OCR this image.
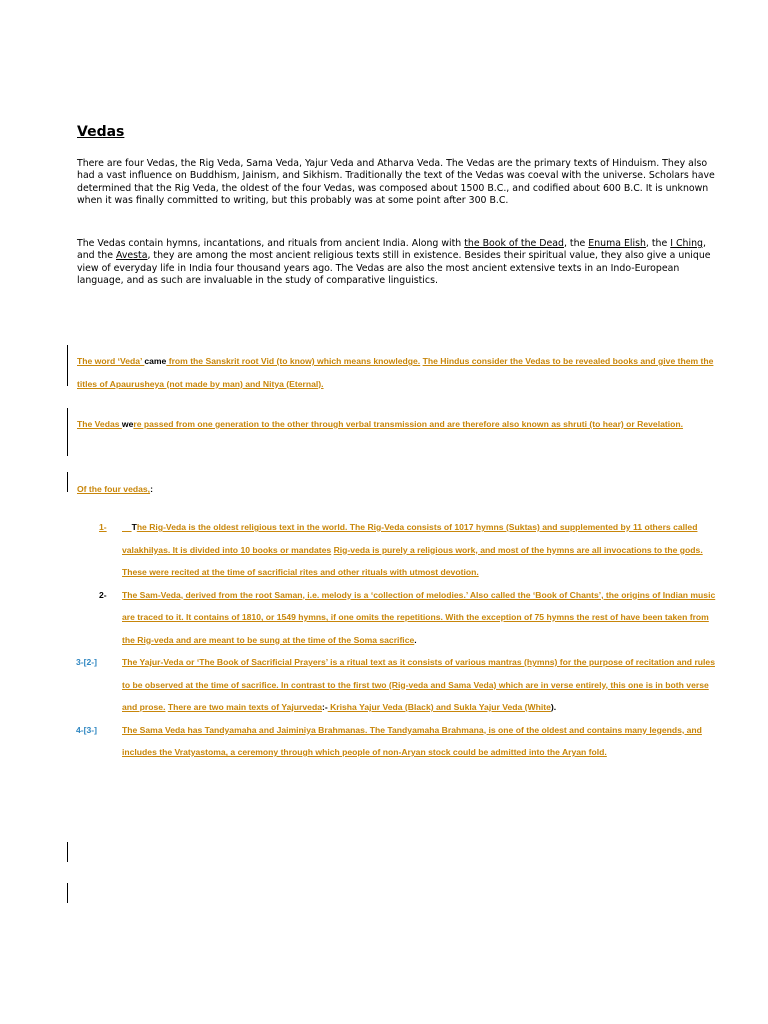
Vedas

There are four Vedas, the Rig Veda, Sama Veda, Yajur Veda and Atharva Veda. The Vedas are the primary texts of Hinduism. They also had a vast influence on Buddhism, Jainism, and Sikhism. Traditionally the text of the Vedas was coeval with the universe. Scholars have determined that the Rig Veda, the oldest of the four Vedas, was composed about 1500 B.C., and codified about 600 B.C. It is unknown when it was finally committed to writing, but this probably was at some point after 300 B.C.

The Vedas contain hymns, incantations, and rituals from ancient India. Along with the Book of the Dead, the Enuma Elish, the I Ching, and the Avesta, they are among the most ancient religious texts still in existence. Besides their spiritual value, they also give a unique view of everyday life in India four thousand years ago. The Vedas are also the most ancient extensive texts in an Indo-European language, and as such are invaluable in the study of comparative linguistics.

The word ‘Veda’ came from the Sanskrit root Vid (to know) which means knowledge. The Hindus consider the Vedas to be revealed books and give them the titles of Apaurusheya (not made by man) and Nitya (Eternal).

The Vedas were passed from one generation to the other through verbal transmission and are therefore also known as shruti (to hear) or Revelation.

Of the four vedas,:

1-	The Rig-Veda is the oldest religious text in the world. The Rig-Veda consists of 1017 hymns (Suktas) and supplemented by 11 others called valakhilyas. It is divided into 10 books or mandates Rig-veda is purely a religious work, and most of the hymns are all invocations to the gods. These were recited at the time of sacrificial rites and other rituals with utmost devotion.
2- The Sam-Veda, derived from the root Saman, i.e. melody is a ‘collection of melodies.’ Also called the ‘Book of Chants’, the origins of Indian music are traced to it. It contains of 1810, or 1549 hymns, if one omits the repetitions. With the exception of 75 hymns the rest of have been taken from the Rig-veda and are meant to be sung at the time of the Soma sacrifice.
3-[2-]	The Yajur-Veda or ‘The Book of Sacrificial Prayers’ is a ritual text as it consists of various mantras (hymns) for the purpose of recitation and rules to be observed at the time of sacrifice. In contrast to the first two (Rig-veda and Sama Veda) which are in verse entirely, this one is in both verse and prose. There are two main texts of Yajurveda:- Krisha Yajur Veda (Black) and Sukla Yajur Veda (White).
4-[3-]	The Sama Veda has Tandyamaha and Jaiminiya Brahmanas. The Tandyamaha Brahmana, is one of the oldest and contains many legends, and includes the Vratyastoma, a ceremony through which people of non-Aryan stock could be admitted into the Aryan fold.
